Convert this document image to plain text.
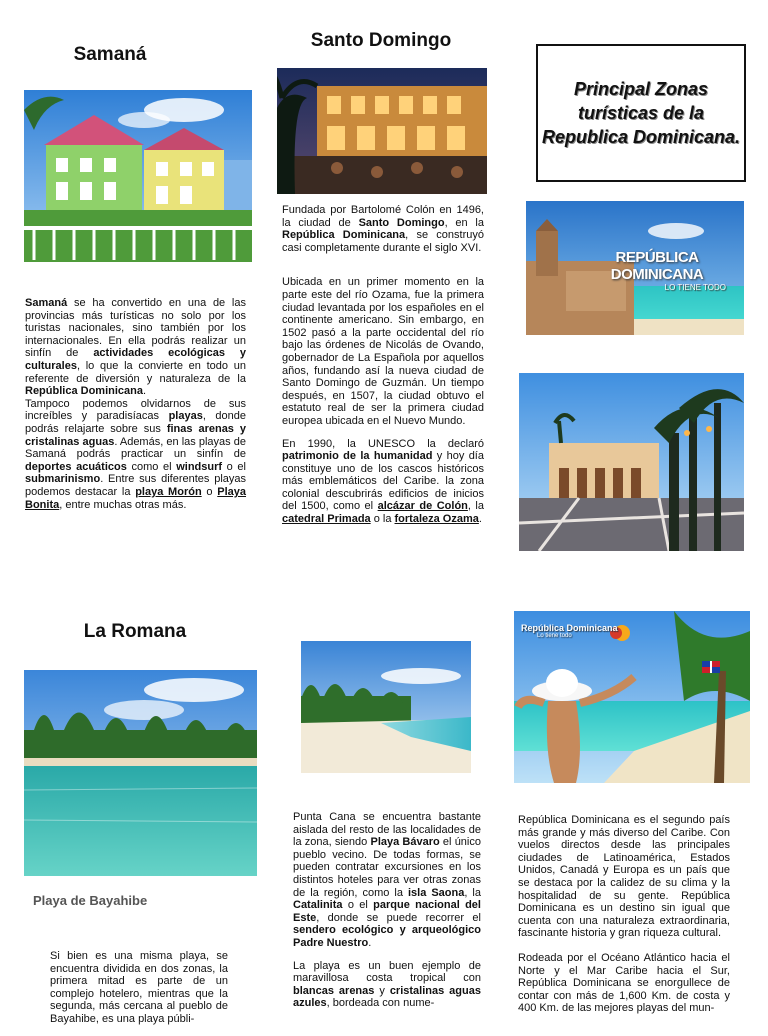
Samaná

Samaná se ha convertido en una de las provincias más turísticas no solo por los turistas nacionales, sino también por los internacionales. En ella podrás realizar un sinfín de actividades ecológicas y culturales, lo que la convierte en todo un referente de diversión y naturaleza de la República Dominicana.

Tampoco podemos olvidarnos de sus increíbles y paradisíacas playas, donde podrás relajarte sobre sus finas arenas y cristalinas aguas. Además, en las playas de Samaná podrás practicar un sinfín de deportes acuáticos como el windsurf o el submarinismo. Entre sus diferentes playas podemos destacar la playa Morón o Playa Bonita, entre muchas otras más.

Santo Domingo

Fundada por Bartolomé Colón en 1496, la ciudad de Santo Domingo, en la República Dominicana, se construyó casi completamente durante el siglo XVI.

Ubicada en un primer momento en la parte este del río Ozama, fue la primera ciudad levantada por los españoles en el continente americano. Sin embargo, en 1502 pasó a la parte occidental del río bajo las órdenes de Nicolás de Ovando, gobernador de La Española por aquellos años, fundando así la nueva ciudad de Santo Domingo de Guzmán. Un tiempo después, en 1507, la ciudad obtuvo el estatuto real de ser la primera ciudad europea ubicada en el Nuevo Mundo.

En 1990, la UNESCO la declaró patrimonio de la humanidad y hoy día constituye uno de los cascos históricos más emblemáticos del Caribe. la zona colonial descubrirás edificios de inicios del 1500, como el alcázar de Colón, la catedral Primada o la fortaleza Ozama.

Principal Zonas turísticas de la Republica Dominicana.
REPÚBLICA DOMINICANA
LO TIENE TODO
La Romana
Playa de Bayahibe

Si bien es una misma playa, se encuentra dividida en dos zonas, la primera mitad es parte de un complejo hotelero, mientras que la segunda, más cercana al pueblo de Bayahibe, es una playa públi-

Punta Cana se encuentra bastante aislada del resto de las localidades de la zona, siendo Playa Bávaro el único pueblo vecino. De todas formas, se pueden contratar excursiones en los distintos hoteles para ver otras zonas de la región, como la isla Saona, la Catalinita o el parque nacional del Este, donde se puede recorrer el sendero ecológico y arqueológico Padre Nuestro.

La playa es un buen ejemplo de maravillosa costa tropical con blancas arenas y cristalinas aguas azules, bordeada con nume-

República Dominicana
Lo tiene todo

República Dominicana es el segundo país más grande y más diverso del Caribe. Con vuelos directos desde las principales ciudades de Latinoamérica, Estados Unidos, Canadá y Europa es un país que se destaca por la calidez de su clima y la hospitalidad de su gente. República Dominicana es un destino sin igual que cuenta con una naturaleza extraordinaria, fascinante historia y gran riqueza cultural.

Rodeada por el Océano Atlántico hacia el Norte y el Mar Caribe hacia el Sur, República Dominicana se enorgullece de contar con más de 1,600 Km. de costa y 400 Km. de las mejores playas del mun-
